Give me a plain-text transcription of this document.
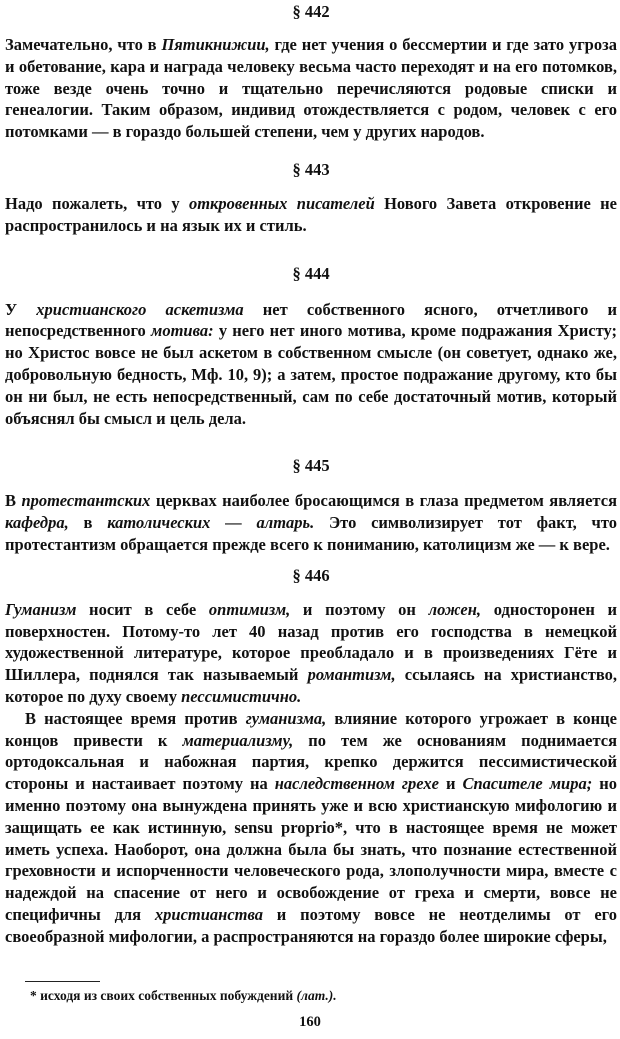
§ 442

Замечательно, что в Пятикнижии, где нет учения о бессмертии и где зато угроза и обетование, кара и награда человеку весьма часто переходят и на его потомков, тоже везде очень точно и тщательно перечисляются родовые списки и генеалогии. Таким образом, индивид отождествляется с родом, человек с его потомками — в гораздо большей степени, чем у других народов.

§ 443

Надо пожалеть, что у откровенных писателей Нового Завета откровение не распространилось и на язык их и стиль.

§ 444

У христианского аскетизма нет собственного ясного, отчетливого и непосредственного мотива: у него нет иного мотива, кроме подражания Христу; но Христос вовсе не был аскетом в собственном смысле (он советует, однако же, добровольную бедность, Мф. 10, 9); а затем, простое подражание другому, кто бы он ни был, не есть непосредственный, сам по себе достаточный мотив, который объяснял бы смысл и цель дела.

§ 445

В протестантских церквах наиболее бросающимся в глаза предметом является кафедра, в католических — алтарь. Это символизирует тот факт, что протестантизм обращается прежде всего к пониманию, католицизм же — к вере.

§ 446

Гуманизм носит в себе оптимизм, и поэтому он ложен, односторонен и поверхностен. Потому-то лет 40 назад против его господства в немецкой художественной литературе, которое преобладало и в произведениях Гёте и Шиллера, поднялся так называемый романтизм, ссылаясь на христианство, которое по духу своему пессимистично.

В настоящее время против гуманизма, влияние которого угрожает в конце концов привести к материализму, по тем же основаниям поднимается ортодоксальная и набожная партия, крепко держится пессимистической стороны и настаивает поэтому на наследственном грехе и Спасителе мира; но именно поэтому она вынуждена принять уже и всю христианскую мифологию и защищать ее как истинную, sensu proprio*, что в настоящее время не может иметь успеха. Наоборот, она должна была бы знать, что познание естественной греховности и испорченности человеческого рода, злополучности мира, вместе с надеждой на спасение от него и освобождение от греха и смерти, вовсе не специфичны для христианства и поэтому вовсе не неотделимы от его своеобразной мифологии, а распространяются на гораздо более широкие сферы,

* исходя из своих собственных побуждений (лат.).

160
